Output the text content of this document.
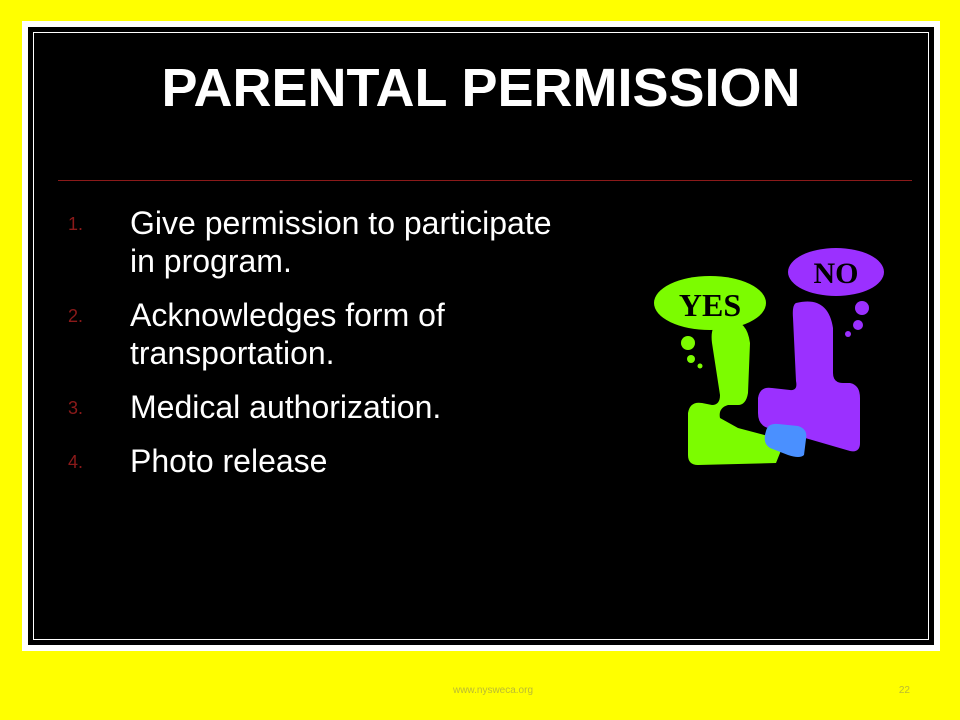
PARENTAL PERMISSION
1. Give permission to participate in program.
2. Acknowledges form of transportation.
3. Medical authorization.
4. Photo release
NO
YES
www.nysweca.org	22
